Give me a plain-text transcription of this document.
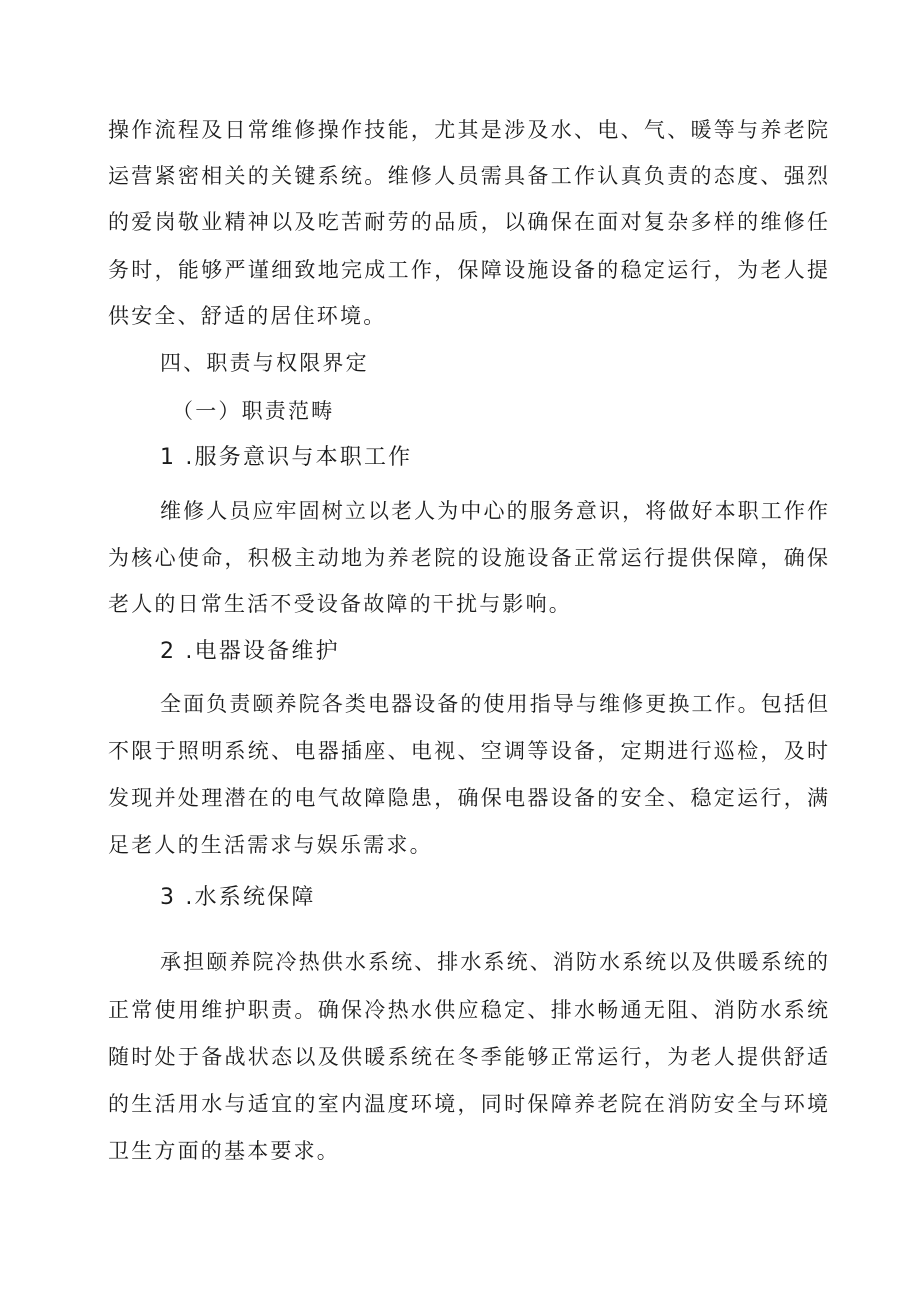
操作流程及日常维修操作技能，尤其是涉及水、电、气、暖等与养老院
运营紧密相关的关键系统。维修人员需具备工作认真负责的态度、强烈
的爱岗敬业精神以及吃苦耐劳的品质，以确保在面对复杂多样的维修任
务时，能够严谨细致地完成工作，保障设施设备的稳定运行，为老人提
供安全、舒适的居住环境。
四、职责与权限界定
（一）职责范畴
1 .服务意识与本职工作
维修人员应牢固树立以老人为中心的服务意识，将做好本职工作作
为核心使命，积极主动地为养老院的设施设备正常运行提供保障，确保
老人的日常生活不受设备故障的干扰与影响。
2 .电器设备维护
全面负责颐养院各类电器设备的使用指导与维修更换工作。包括但
不限于照明系统、电器插座、电视、空调等设备，定期进行巡检，及时
发现并处理潜在的电气故障隐患，确保电器设备的安全、稳定运行，满
足老人的生活需求与娱乐需求。
3 .水系统保障
承担颐养院冷热供水系统、排水系统、消防水系统以及供暖系统的
正常使用维护职责。确保冷热水供应稳定、排水畅通无阻、消防水系统
随时处于备战状态以及供暖系统在冬季能够正常运行，为老人提供舒适
的生活用水与适宜的室内温度环境，同时保障养老院在消防安全与环境
卫生方面的基本要求。
